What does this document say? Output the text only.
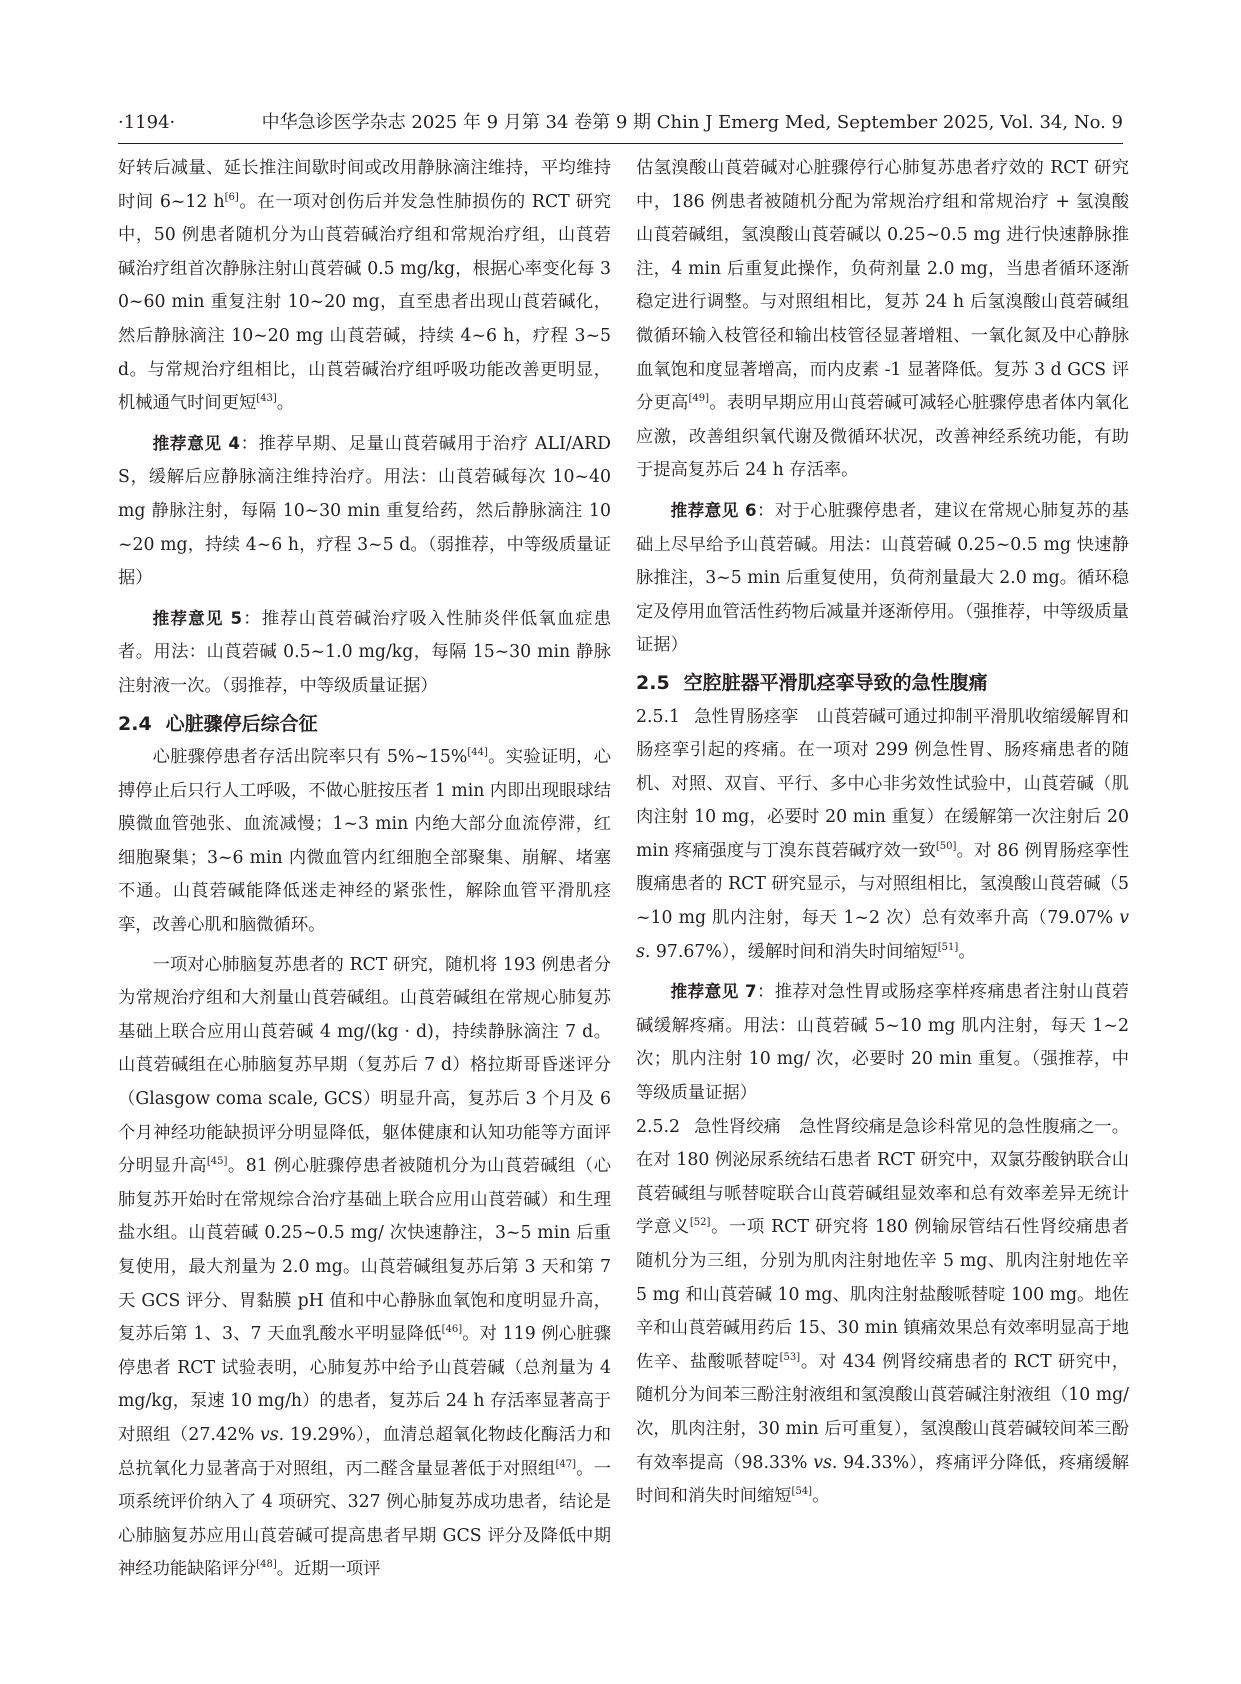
·1194·	中华急诊医学杂志 2025 年 9 月第 34 卷第 9 期 Chin J Emerg Med, September 2025, Vol. 34, No. 9

好转后减量、延长推注间歇时间或改用静脉滴注维持，平均维持时间 6~12 h[6]。在一项对创伤后并发急性肺损伤的 RCT 研究中，50 例患者随机分为山莨菪碱治疗组和常规治疗组，山莨菪碱治疗组首次静脉注射山莨菪碱 0.5 mg/kg，根据心率变化每 30~60 min 重复注射 10~20 mg，直至患者出现山莨菪碱化，然后静脉滴注 10~20 mg 山莨菪碱，持续 4~6 h，疗程 3~5 d。与常规治疗组相比，山莨菪碱治疗组呼吸功能改善更明显，机械通气时间更短[43]。

推荐意见 4：推荐早期、足量山莨菪碱用于治疗 ALI/ARDS，缓解后应静脉滴注维持治疗。用法：山莨菪碱每次 10~40 mg 静脉注射，每隔 10~30 min 重复给药，然后静脉滴注 10~20 mg，持续 4~6 h，疗程 3~5 d。（弱推荐，中等级质量证据）

推荐意见 5：推荐山莨菪碱治疗吸入性肺炎伴低氧血症患者。用法：山莨菪碱 0.5~1.0 mg/kg，每隔 15~30 min 静脉注射液一次。（弱推荐，中等级质量证据）

2.4 心脏骤停后综合征

心脏骤停患者存活出院率只有 5%~15%[44]。实验证明，心搏停止后只行人工呼吸，不做心脏按压者 1 min 内即出现眼球结膜微血管弛张、血流减慢；1~3 min 内绝大部分血流停滞，红细胞聚集；3~6 min 内微血管内红细胞全部聚集、崩解、堵塞不通。山莨菪碱能降低迷走神经的紧张性，解除血管平滑肌痉挛，改善心肌和脑微循环。

一项对心肺脑复苏患者的 RCT 研究，随机将 193 例患者分为常规治疗组和大剂量山莨菪碱组。山莨菪碱组在常规心肺复苏基础上联合应用山莨菪碱 4 mg/(kg · d)，持续静脉滴注 7 d。山莨菪碱组在心肺脑复苏早期（复苏后 7 d）格拉斯哥昏迷评分（Glasgow coma scale, GCS）明显升高，复苏后 3 个月及 6 个月神经功能缺损评分明显降低，躯体健康和认知功能等方面评分明显升高[45]。81 例心脏骤停患者被随机分为山莨菪碱组（心肺复苏开始时在常规综合治疗基础上联合应用山莨菪碱）和生理盐水组。山莨菪碱 0.25~0.5 mg/ 次快速静注，3~5 min 后重复使用，最大剂量为 2.0 mg。山莨菪碱组复苏后第 3 天和第 7 天 GCS 评分、胃黏膜 pH 值和中心静脉血氧饱和度明显升高，复苏后第 1、3、7 天血乳酸水平明显降低[46]。对 119 例心脏骤停患者 RCT 试验表明，心肺复苏中给予山莨菪碱（总剂量为 4 mg/kg，泵速 10 mg/h）的患者，复苏后 24 h 存活率显著高于对照组（27.42% vs. 19.29%），血清总超氧化物歧化酶活力和总抗氧化力显著高于对照组，丙二醛含量显著低于对照组[47]。一项系统评价纳入了 4 项研究、327 例心肺复苏成功患者，结论是心肺脑复苏应用山莨菪碱可提高患者早期 GCS 评分及降低中期神经功能缺陷评分[48]。近期一项评

估氢溴酸山莨菪碱对心脏骤停行心肺复苏患者疗效的 RCT 研究中，186 例患者被随机分配为常规治疗组和常规治疗 + 氢溴酸山莨菪碱组，氢溴酸山莨菪碱以 0.25~0.5 mg 进行快速静脉推注，4 min 后重复此操作，负荷剂量 2.0 mg，当患者循环逐渐稳定进行调整。与对照组相比，复苏 24 h 后氢溴酸山莨菪碱组微循环输入枝管径和输出枝管径显著增粗、一氧化氮及中心静脉血氧饱和度显著增高，而内皮素 -1 显著降低。复苏 3 d GCS 评分更高[49]。表明早期应用山莨菪碱可减轻心脏骤停患者体内氧化应激，改善组织氧代谢及微循环状况，改善神经系统功能，有助于提高复苏后 24 h 存活率。

推荐意见 6：对于心脏骤停患者，建议在常规心肺复苏的基础上尽早给予山莨菪碱。用法：山莨菪碱 0.25~0.5 mg 快速静脉推注，3~5 min 后重复使用，负荷剂量最大 2.0 mg。循环稳定及停用血管活性药物后减量并逐渐停用。（强推荐，中等级质量证据）

2.5 空腔脏器平滑肌痉挛导致的急性腹痛

2.5.1 急性胃肠痉挛 山莨菪碱可通过抑制平滑肌收缩缓解胃和肠痉挛引起的疼痛。在一项对 299 例急性胃、肠疼痛患者的随机、对照、双盲、平行、多中心非劣效性试验中，山莨菪碱（肌肉注射 10 mg，必要时 20 min 重复）在缓解第一次注射后 20 min 疼痛强度与丁溴东莨菪碱疗效一致[50]。对 86 例胃肠痉挛性腹痛患者的 RCT 研究显示，与对照组相比，氢溴酸山莨菪碱（5~10 mg 肌内注射，每天 1~2 次）总有效率升高（79.07% vs. 97.67%），缓解时间和消失时间缩短[51]。

推荐意见 7：推荐对急性胃或肠痉挛样疼痛患者注射山莨菪碱缓解疼痛。用法：山莨菪碱 5~10 mg 肌内注射，每天 1~2 次；肌内注射 10 mg/ 次，必要时 20 min 重复。（强推荐，中等级质量证据）

2.5.2 急性肾绞痛 急性肾绞痛是急诊科常见的急性腹痛之一。在对 180 例泌尿系统结石患者 RCT 研究中，双氯芬酸钠联合山莨菪碱组与哌替啶联合山莨菪碱组显效率和总有效率差异无统计学意义[52]。一项 RCT 研究将 180 例输尿管结石性肾绞痛患者随机分为三组，分别为肌肉注射地佐辛 5 mg、肌肉注射地佐辛 5 mg 和山莨菪碱 10 mg、肌肉注射盐酸哌替啶 100 mg。地佐辛和山莨菪碱用药后 15、30 min 镇痛效果总有效率明显高于地佐辛、盐酸哌替啶[53]。对 434 例肾绞痛患者的 RCT 研究中，随机分为间苯三酚注射液组和氢溴酸山莨菪碱注射液组（10 mg/ 次，肌肉注射，30 min 后可重复），氢溴酸山莨菪碱较间苯三酚有效率提高（98.33% vs. 94.33%），疼痛评分降低，疼痛缓解时间和消失时间缩短[54]。
